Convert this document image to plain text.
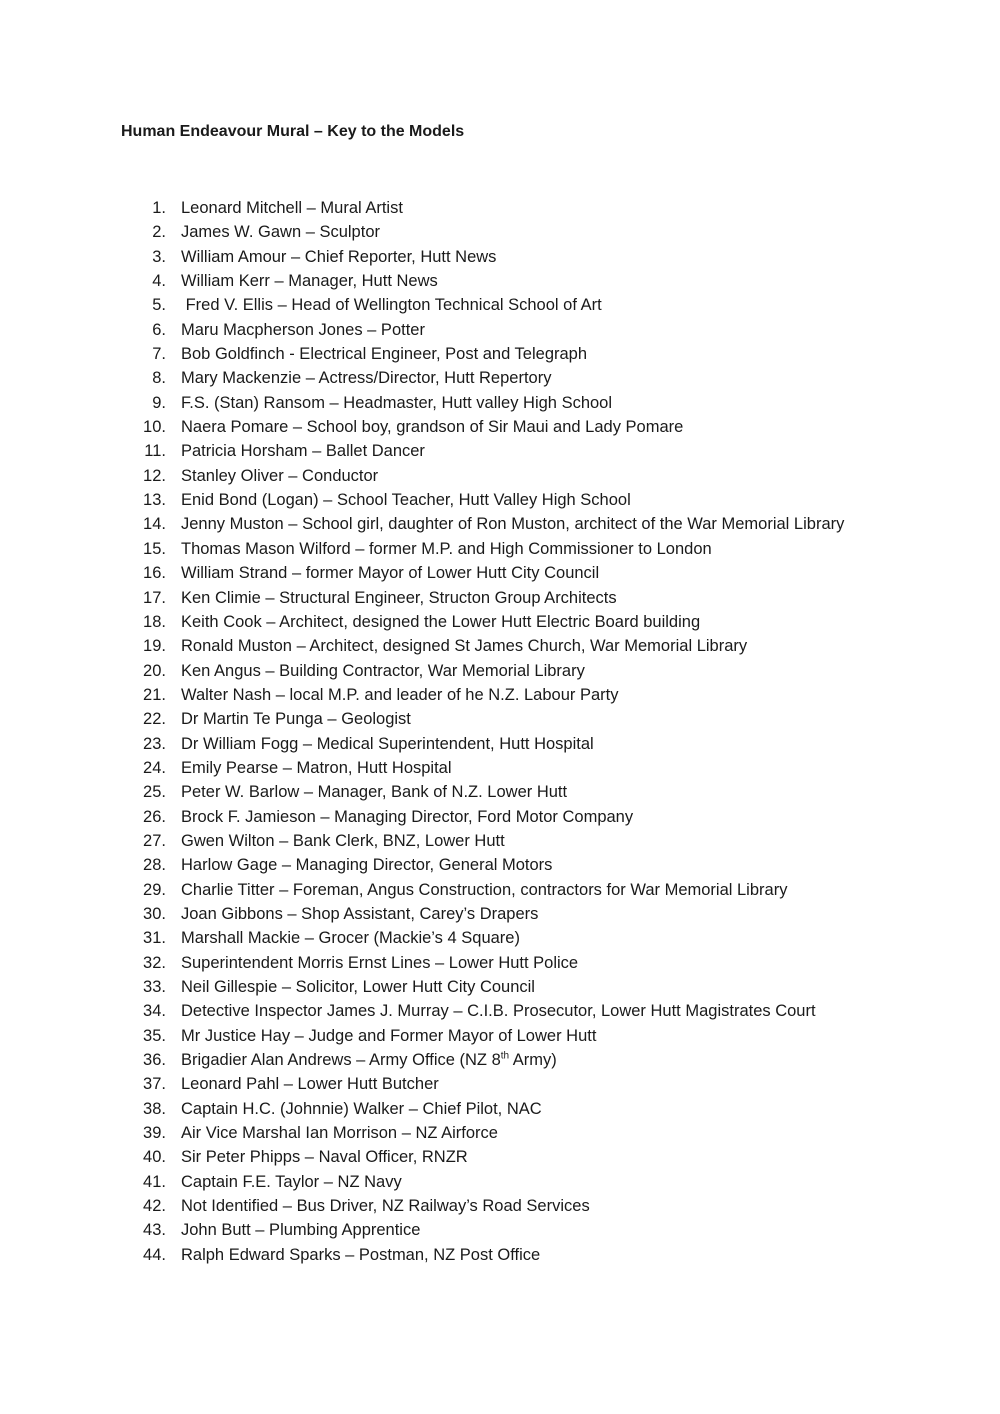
Human Endeavour Mural – Key to the Models
1 . Leonard Mitchell – Mural Artist
2 . James W. Gawn – Sculptor
3 . William Amour – Chief Reporter, Hutt News
4 . William Kerr – Manager, Hutt News
5 . Fred V. Ellis – Head of Wellington Technical School of Art
6 . Maru Macpherson Jones – Potter
7 . Bob Goldfinch - Electrical Engineer, Post and Telegraph
8 . Mary Mackenzie – Actress/Director, Hutt Repertory
9 . F.S. (Stan) Ransom – Headmaster, Hutt valley High School
10 . Naera Pomare – School boy, grandson of Sir Maui and Lady Pomare
11 . Patricia Horsham – Ballet Dancer
12 . Stanley Oliver – Conductor
13 . Enid Bond (Logan) – School Teacher, Hutt Valley High School
14 . Jenny Muston – School girl, daughter of Ron Muston, architect of the War Memorial Library
15 . Thomas Mason Wilford – former M.P. and High Commissioner to London
16 . William Strand – former Mayor of Lower Hutt City Council
17 . Ken Climie – Structural Engineer, Structon Group Architects
18 . Keith Cook – Architect, designed the Lower Hutt Electric Board building
19 . Ronald Muston – Architect, designed St James Church, War Memorial Library
20 . Ken Angus – Building Contractor, War Memorial Library
21 . Walter Nash – local M.P. and leader of he N.Z. Labour Party
22 . Dr Martin Te Punga – Geologist
23 . Dr William Fogg – Medical Superintendent, Hutt Hospital
24 . Emily Pearse – Matron, Hutt Hospital
25 . Peter W. Barlow – Manager, Bank of N.Z. Lower Hutt
26 . Brock F. Jamieson – Managing Director, Ford Motor Company
27 . Gwen Wilton – Bank Clerk, BNZ, Lower Hutt
28 . Harlow Gage – Managing Director, General Motors
29 . Charlie Titter – Foreman, Angus Construction, contractors for War Memorial Library
30 . Joan Gibbons – Shop Assistant, Carey’s Drapers
31 . Marshall Mackie – Grocer (Mackie’s 4 Square)
32 . Superintendent Morris Ernst Lines – Lower Hutt Police
33 . Neil Gillespie – Solicitor, Lower Hutt City Council
34 . Detective Inspector James J. Murray – C.I.B. Prosecutor, Lower Hutt Magistrates Court
35 . Mr Justice Hay – Judge and Former Mayor of Lower Hutt
36 . Brigadier Alan Andrews – Army Office (NZ 8th Army)
37 . Leonard Pahl – Lower Hutt Butcher
38 . Captain H.C. (Johnnie) Walker – Chief Pilot, NAC
39 . Air Vice Marshal Ian Morrison – NZ Airforce
40 . Sir Peter Phipps – Naval Officer, RNZR
41 . Captain F.E. Taylor – NZ Navy
42 . Not Identified – Bus Driver, NZ Railway’s Road Services
43 . John Butt – Plumbing Apprentice
44 . Ralph Edward Sparks – Postman, NZ Post Office
